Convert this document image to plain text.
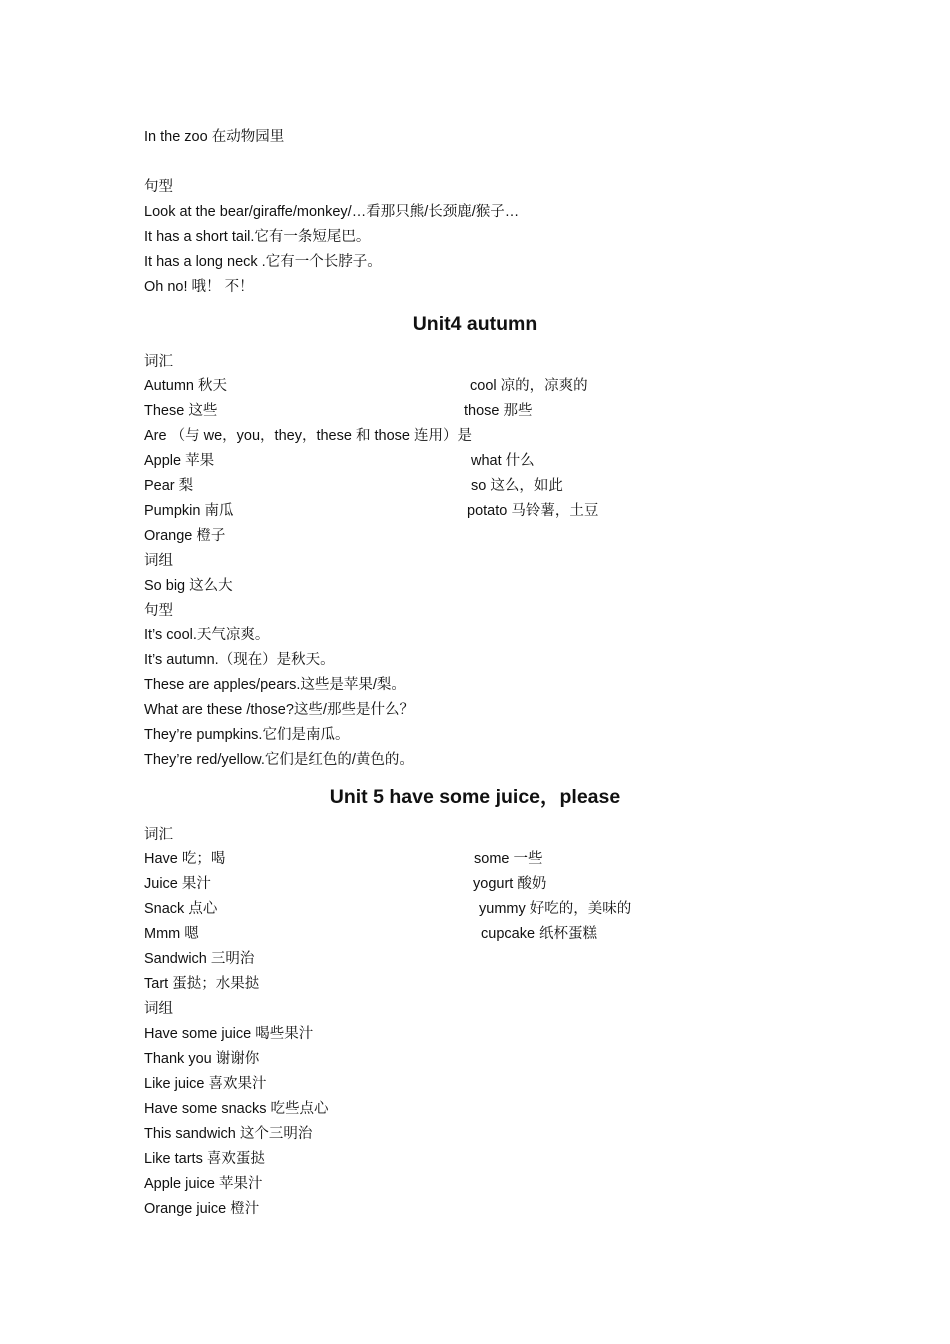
In the zoo 在动物园里
句型
Look at the bear/giraffe/monkey/…看那只熊/长颈鹿/猴子…
It has a short tail.它有一条短尾巴。
It has a long neck .它有一个长脖子。
Oh no! 哦！ 不！
Unit4 autumn
词汇
Autumn 秋天	cool 凉的，凉爽的
These 这些	those 那些
Are （与 we，you，they，these 和 those 连用）是
Apple 苹果	what 什么
Pear 梨	so 这么，如此
Pumpkin 南瓜	potato 马铃薯，土豆
Orange 橙子
词组
So big 这么大
句型
It’s cool.天气凉爽。
It’s autumn.（现在）是秋天。
These are apples/pears.这些是苹果/梨。
What are these /those?这些/那些是什么？
They’re pumpkins.它们是南瓜。
They’re red/yellow.它们是红色的/黄色的。
Unit 5 have some juice，please
词汇
Have 吃；喝	some 一些
Juice 果汁	yogurt 酸奶
Snack 点心	yummy 好吃的，美味的
Mmm 嗯	cupcake 纸杯蛋糕
Sandwich 三明治
Tart 蛋挞；水果挞
词组
Have some juice 喝些果汁
Thank you 谢谢你
Like juice 喜欢果汁
Have some snacks 吃些点心
This sandwich 这个三明治
Like tarts 喜欢蛋挞
Apple juice 苹果汁
Orange juice 橙汁
